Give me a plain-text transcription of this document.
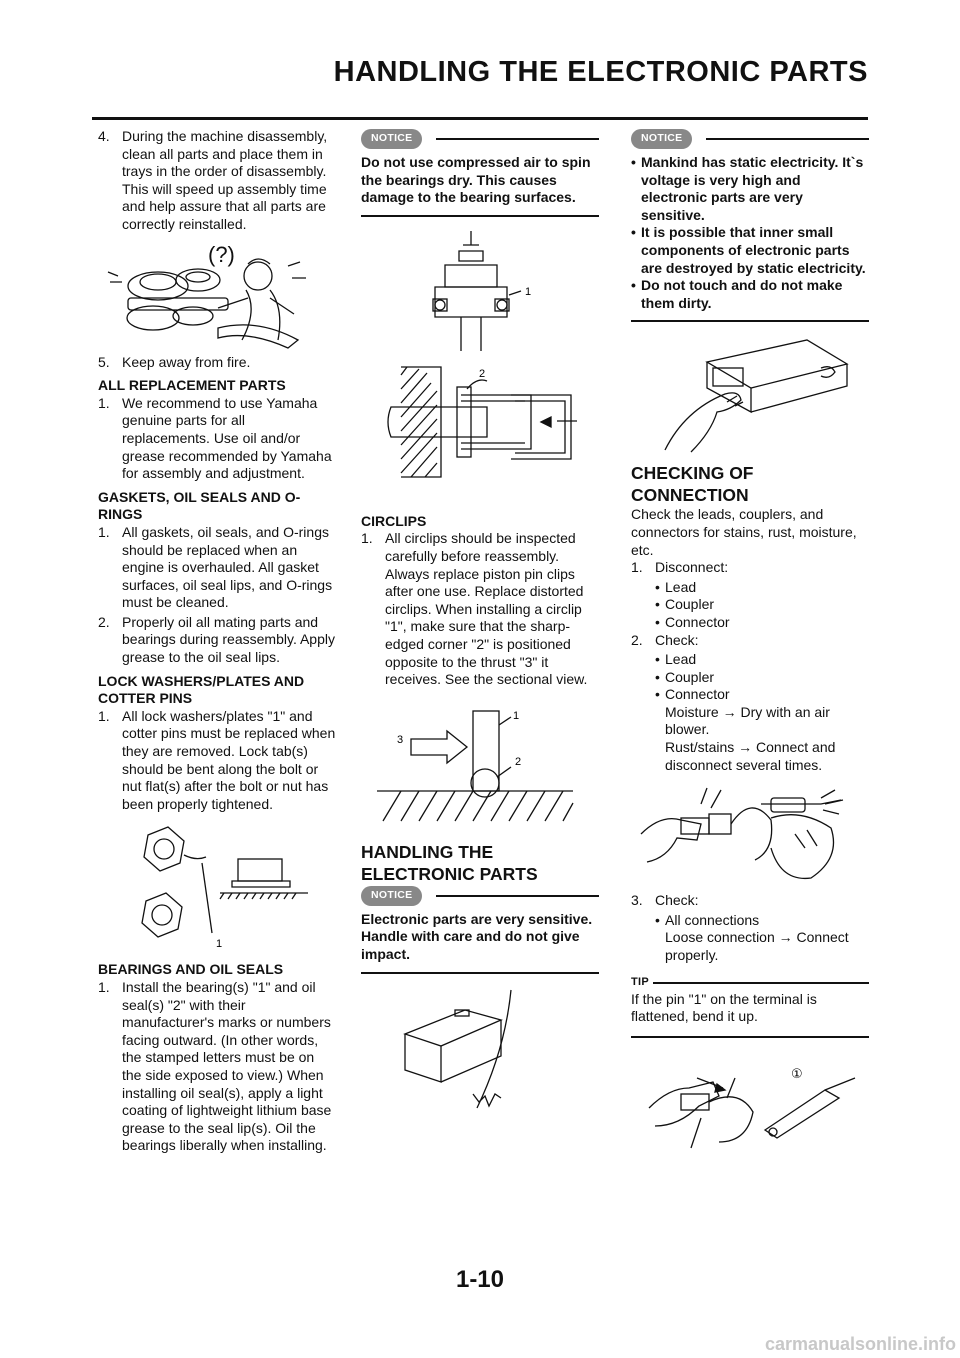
HANDLING THE ELECTRONIC PARTS
4. During the machine disassembly, clean all parts and place them in trays in the order of disassembly. This will speed up assembly time and help assure that all parts are correctly reinstalled.
(?)
5. Keep away from fire.
ALL REPLACEMENT PARTS
1. We recommend to use Yamaha genuine parts for all replacements. Use oil and/or grease recommended by Yamaha for assembly and adjustment.
GASKETS, OIL SEALS AND O-RINGS
1. All gaskets, oil seals, and O-rings should be replaced when an engine is overhauled. All gasket surfaces, oil seal lips, and O-rings must be cleaned.
2. Properly oil all mating parts and bearings during reassembly. Apply grease to the oil seal lips.
LOCK WASHERS/PLATES AND COTTER PINS
1. All lock washers/plates "1" and cotter pins must be replaced when they are removed. Lock tab(s) should be bent along the bolt or nut flat(s) after the bolt or nut has been properly tightened.
1
BEARINGS AND OIL SEALS
1. Install the bearing(s) "1" and oil seal(s) "2" with their manufacturer's marks or numbers facing outward. (In other words, the stamped letters must be on the side exposed to view.) When installing oil seal(s), apply a light coating of lightweight lithium base grease to the seal lip(s). Oil the bearings liberally when installing.
NOTICE
Do not use compressed air to spin the bearings dry. This causes damage to the bearing surfaces.
1
2
CIRCLIPS
1. All circlips should be inspected carefully before reassembly. Always replace piston pin clips after one use. Replace distorted circlips. When installing a circlip "1", make sure that the sharp-edged corner "2" is positioned opposite to the thrust "3" it receives. See the sectional view.
1
2
3
HANDLING THE ELECTRONIC PARTS
NOTICE
Electronic parts are very sensitive. Handle with care and do not give impact.
NOTICE
• Mankind has static electricity. It`s voltage is very high and electronic parts are very sensitive.
• It is possible that inner small components of electronic parts are destroyed by static electricity.
• Do not touch and do not make them dirty.
CHECKING OF CONNECTION
Check the leads, couplers, and connectors for stains, rust, moisture, etc.
1. Disconnect:
• Lead
• Coupler
• Connector
2. Check:
• Lead
• Coupler
• Connector
Moisture → Dry with an air blower.
Rust/stains → Connect and disconnect several times.
3. Check:
• All connections
Loose connection → Connect properly.
TIP
If the pin "1" on the terminal is flattened, bend it up.
①
1-10
carmanualsonline.info
